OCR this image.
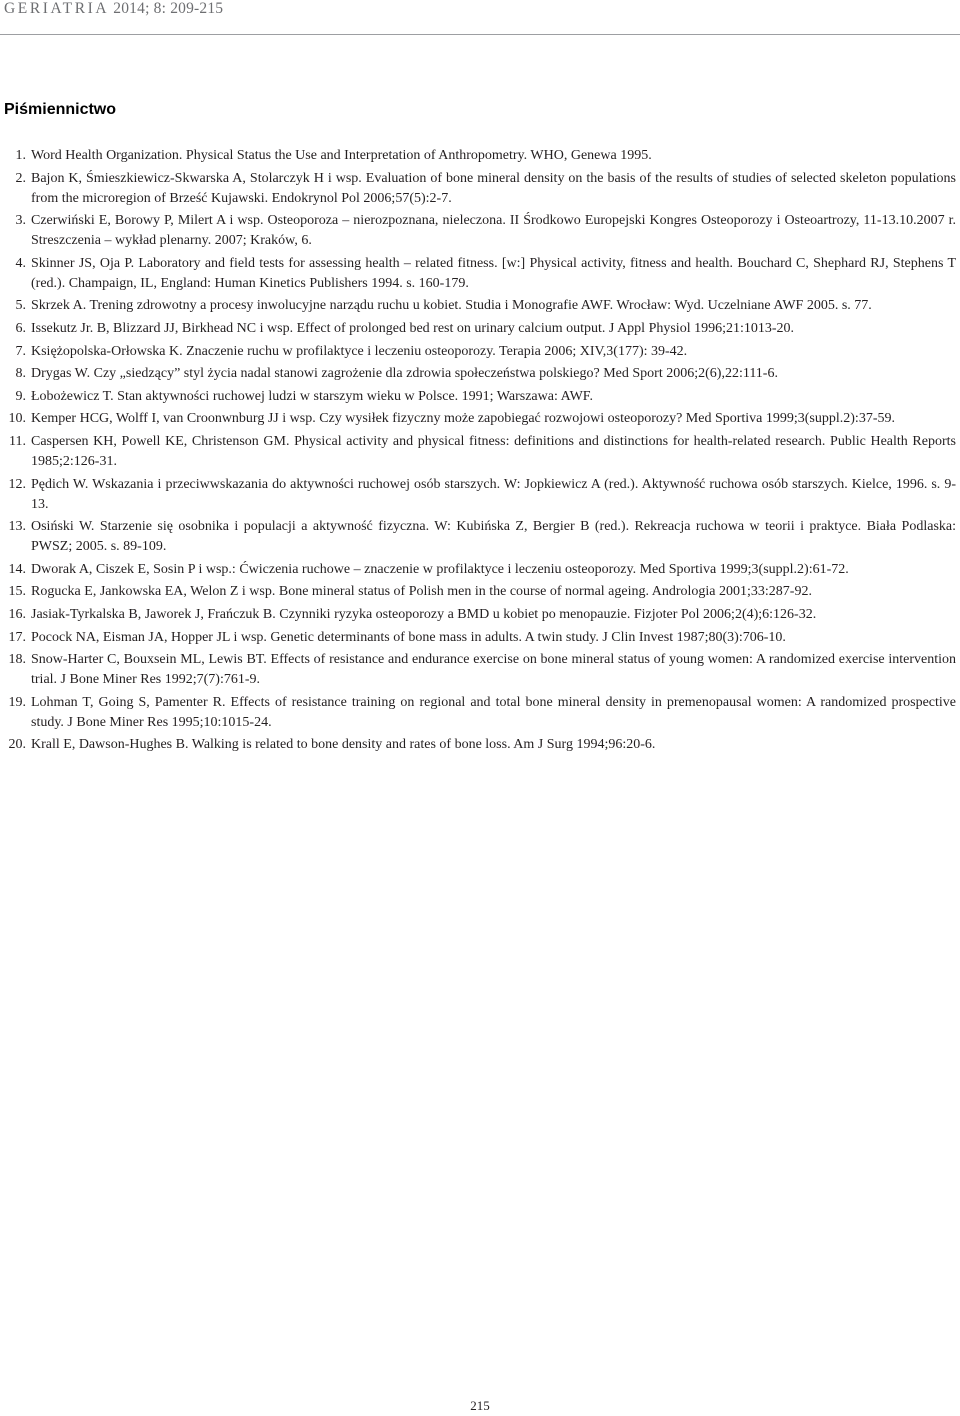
GERIATRIA 2014; 8: 209-215
Piśmiennictwo
1. Word Health Organization. Physical Status the Use and Interpretation of Anthropometry. WHO, Genewa 1995.
2. Bajon K, Śmieszkiewicz-Skwarska A, Stolarczyk H i wsp. Evaluation of bone mineral density on the basis of the results of studies of selected skeleton populations from the microregion of Brześć Kujawski. Endokrynol Pol 2006;57(5):2-7.
3. Czerwiński E, Borowy P, Milert A i wsp. Osteoporoza – nierozpoznana, nieleczona. II Środkowo Europejski Kongres Osteoporozy i Osteoartrozy, 11-13.10.2007 r. Streszczenia – wykład plenarny. 2007; Kraków, 6.
4. Skinner JS, Oja P. Laboratory and field tests for assessing health – related fitness. [w:] Physical activity, fitness and health. Bouchard C, Shephard RJ, Stephens T (red.). Champaign, IL, England: Human Kinetics Publishers 1994. s. 160-179.
5. Skrzek A. Trening zdrowotny a procesy inwolucyjne narządu ruchu u kobiet. Studia i Monografie AWF. Wrocław: Wyd. Uczelniane AWF 2005. s. 77.
6. Issekutz Jr. B, Blizzard JJ, Birkhead NC i wsp. Effect of prolonged bed rest on urinary calcium output. J Appl Physiol 1996;21:1013-20.
7. Księżopolska-Orłowska K. Znaczenie ruchu w profilaktyce i leczeniu osteoporozy. Terapia 2006; XIV,3(177): 39-42.
8. Drygas W. Czy „siedzący” styl życia nadal stanowi zagrożenie dla zdrowia społeczeństwa polskiego? Med Sport 2006;2(6),22:111-6.
9. Łobożewicz T. Stan aktywności ruchowej ludzi w starszym wieku w Polsce. 1991; Warszawa: AWF.
10. Kemper HCG, Wolff I, van Croonwnburg JJ i wsp. Czy wysiłek fizyczny może zapobiegać rozwojowi osteoporozy? Med Sportiva 1999;3(suppl.2):37-59.
11. Caspersen KH, Powell KE, Christenson GM. Physical activity and physical fitness: definitions and distinctions for health-related research. Public Health Reports 1985;2:126-31.
12. Pędich W. Wskazania i przeciwwskazania do aktywności ruchowej osób starszych. W: Jopkiewicz A (red.). Aktywność ruchowa osób starszych. Kielce, 1996. s. 9-13.
13. Osiński W. Starzenie się osobnika i populacji a aktywność fizyczna. W: Kubińska Z, Bergier B (red.). Rekreacja ruchowa w teorii i praktyce. Biała Podlaska: PWSZ; 2005. s. 89-109.
14. Dworak A, Ciszek E, Sosin P i wsp.: Ćwiczenia ruchowe – znaczenie w profilaktyce i leczeniu osteoporozy. Med Sportiva 1999;3(suppl.2):61-72.
15. Rogucka E, Jankowska EA, Welon Z i wsp. Bone mineral status of Polish men in the course of normal ageing. Andrologia 2001;33:287-92.
16. Jasiak-Tyrkalska B, Jaworek J, Frańczuk B. Czynniki ryzyka osteoporozy a BMD u kobiet po menopauzie. Fizjoter Pol 2006;2(4);6:126-32.
17. Pocock NA, Eisman JA, Hopper JL i wsp. Genetic determinants of bone mass in adults. A twin study. J Clin Invest 1987;80(3):706-10.
18. Snow-Harter C, Bouxsein ML, Lewis BT. Effects of resistance and endurance exercise on bone mineral status of young women: A randomized exercise intervention trial. J Bone Miner Res 1992;7(7):761-9.
19. Lohman T, Going S, Pamenter R. Effects of resistance training on regional and total bone mineral density in premenopausal women: A randomized prospective study. J Bone Miner Res 1995;10:1015-24.
20. Krall E, Dawson-Hughes B. Walking is related to bone density and rates of bone loss. Am J Surg 1994;96:20-6.
215
